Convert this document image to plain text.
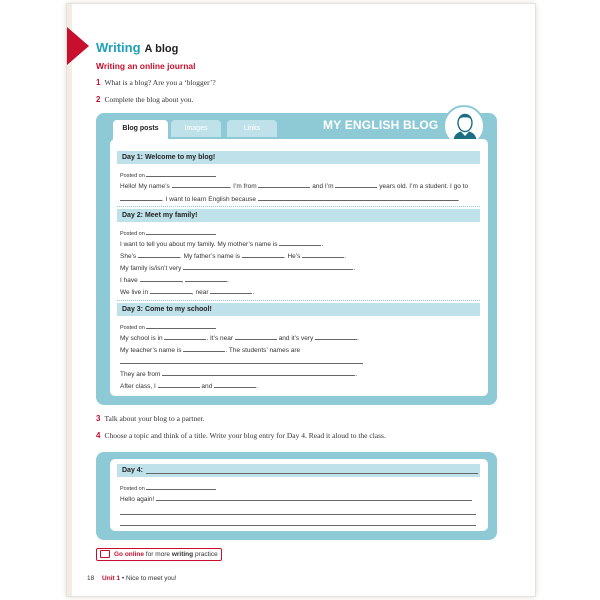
Writing A blog
Writing an online journal
1 What is a blog? Are you a ‘blogger’?
2 Complete the blog about you.
Blog posts	Images	Links	MY ENGLISH BLOG
Day 1: Welcome to my blog!
Posted on
Hello! My name’s	. I’m from	and I’m	years old. I’m a student. I go to
. I want to learn English because	.
Day 2: Meet my family!
Posted on
I want to tell you about my family. My mother’s name is	.
She’s	. My father’s name is	. He’s	.
My family is/isn’t very	.
I have	,	.
We live in	, near	.
Day 3: Come to my school!
Posted on
My school is in	. It’s near	and it’s very	.
My teacher’s name is	. The students’ names are
They are from	.
After class, I	and	.
3 Talk about your blog to a partner.
4 Choose a topic and think of a title. Write your blog entry for Day 4. Read it aloud to the class.
Day 4:
Posted on
Hello again!
Go online for more writing practice
18 Unit 1 • Nice to meet you!
